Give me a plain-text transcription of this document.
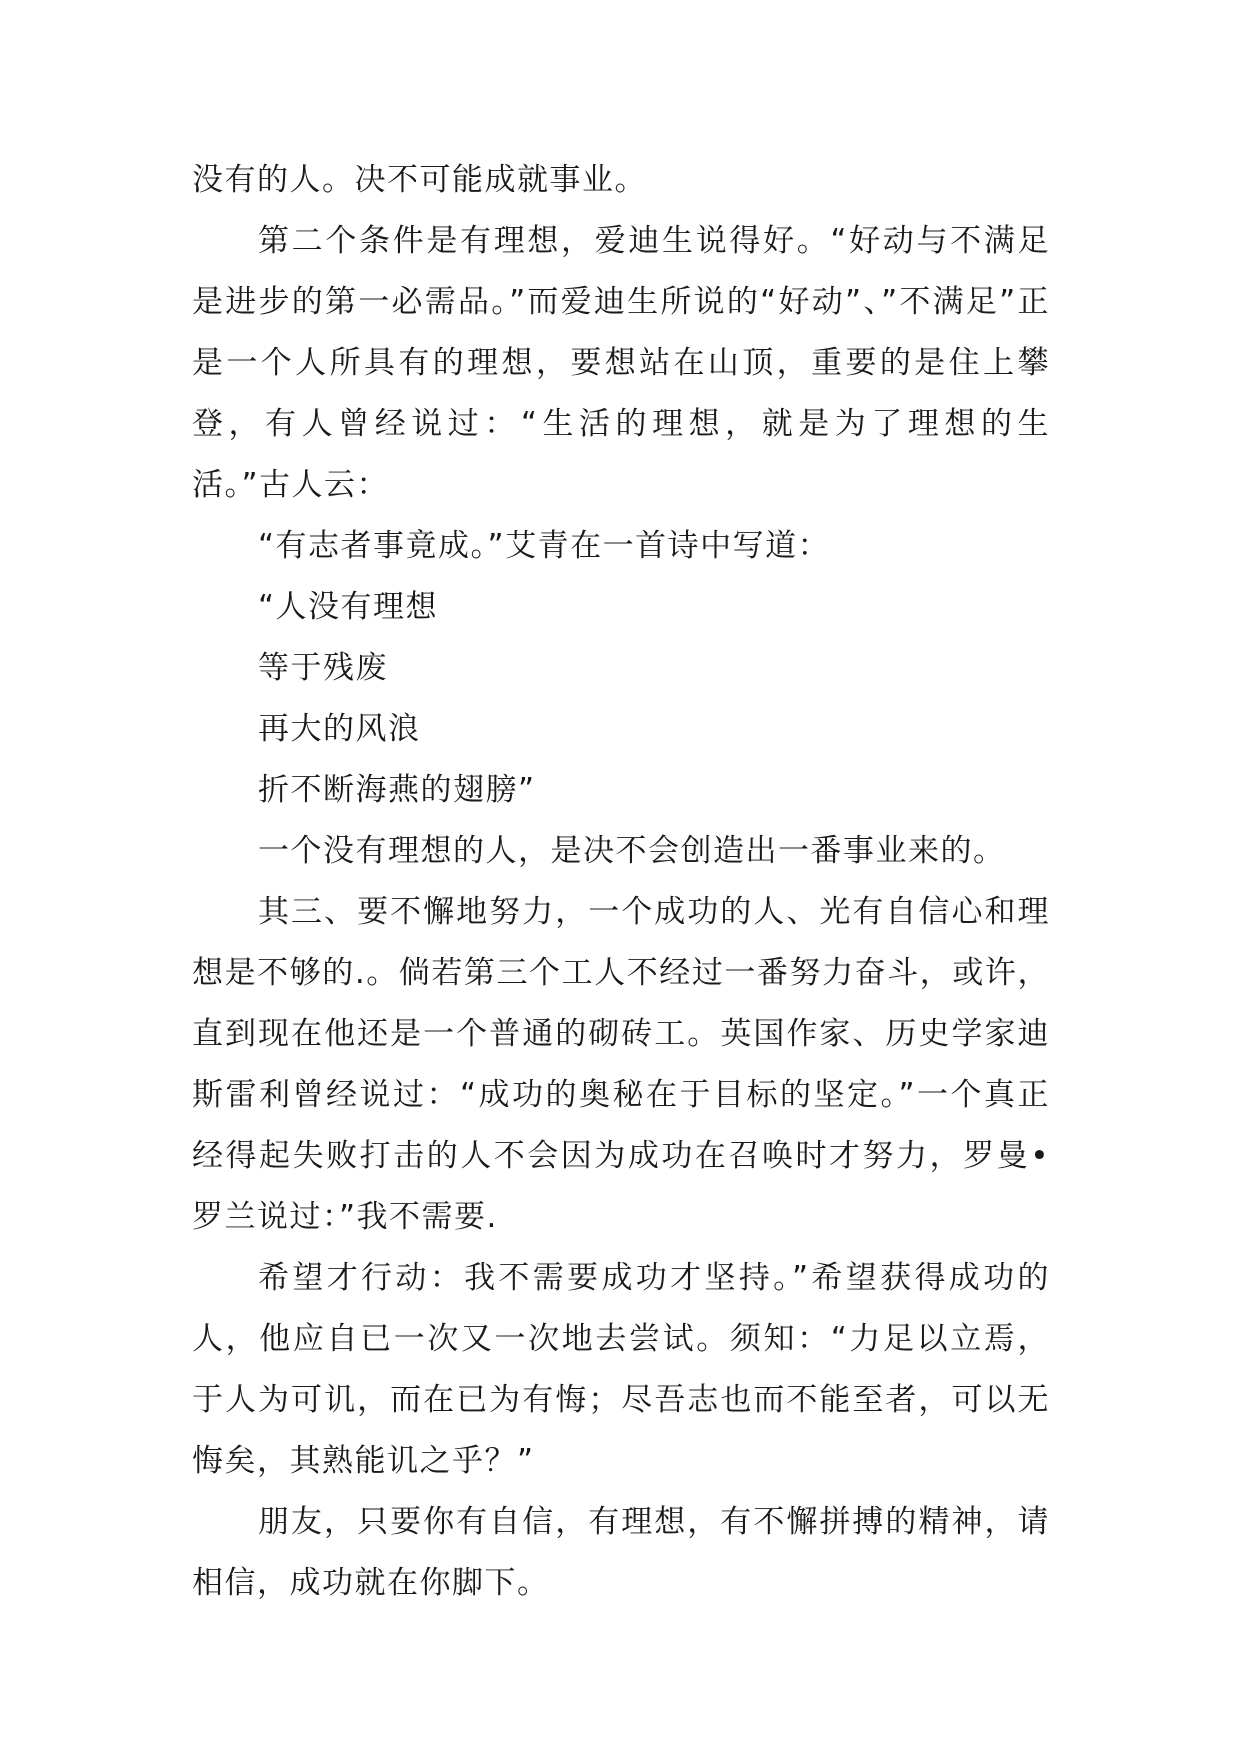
没有的人。决不可能成就事业。

第二个条件是有理想，爱迪生说得好。“好动与不满足是进步的第一必需品。”而爱迪生所说的“好动”、”不满足”正是一个人所具有的理想，要想站在山顶，重要的是住上攀登，有人曾经说过：“生活的理想，就是为了理想的生活。”古人云：

“有志者事竟成。”艾青在一首诗中写道：

“人没有理想

等于残废

再大的风浪

折不断海燕的翅膀”

一个没有理想的人，是决不会创造出一番事业来的。

其三、要不懈地努力，一个成功的人、光有自信心和理想是不够的.。倘若第三个工人不经过一番努力奋斗，或许，直到现在他还是一个普通的砌砖工。英国作家、历史学家迪斯雷利曾经说过：“成功的奥秘在于目标的坚定。”一个真正经得起失败打击的人不会因为成功在召唤时才努力，罗曼•罗兰说过：”我不需要.

希望才行动：我不需要成功才坚持。”希望获得成功的人，他应自已一次又一次地去尝试。须知：“力足以立焉，于人为可讥，而在已为有悔；尽吾志也而不能至者，可以无悔矣，其熟能讥之乎？”

朋友，只要你有自信，有理想，有不懈拼搏的精神，请相信，成功就在你脚下。
